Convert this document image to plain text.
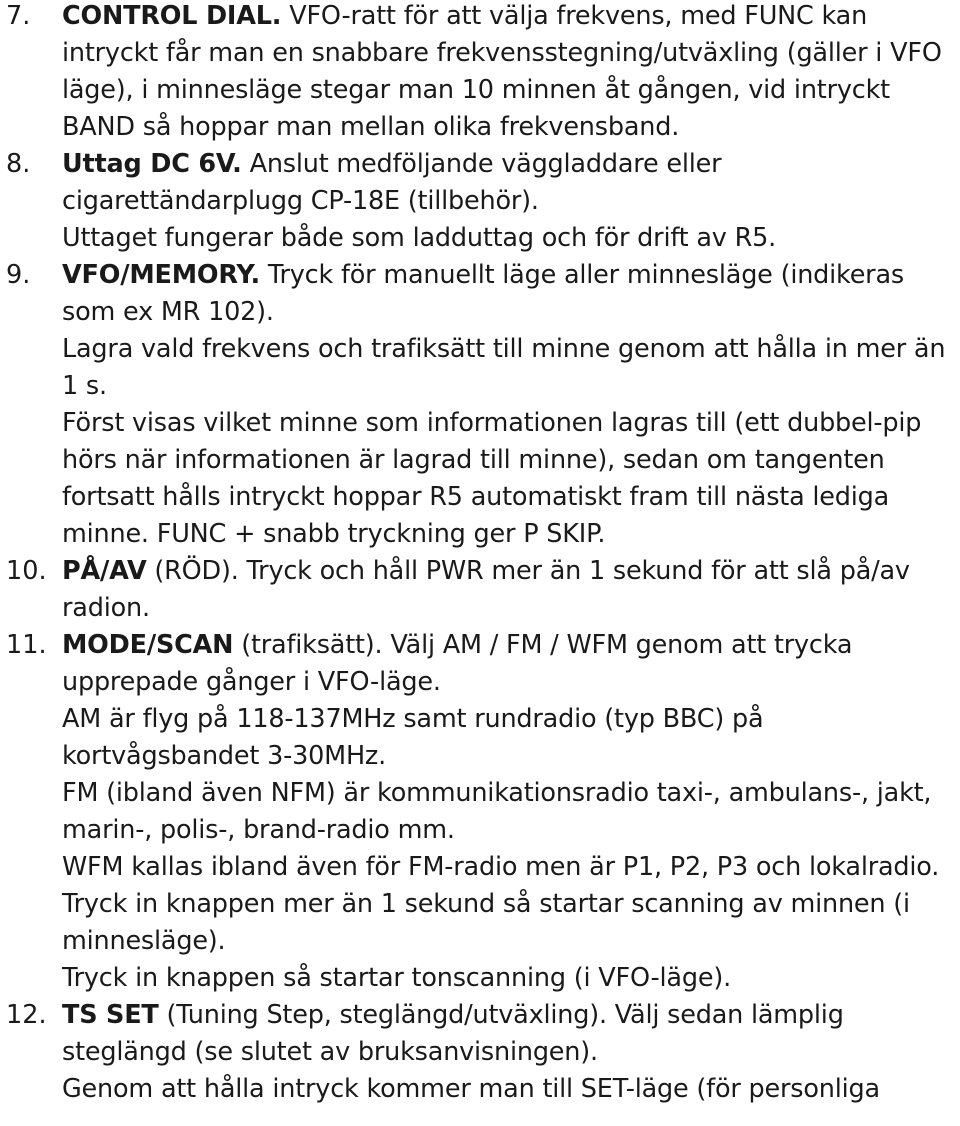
7. CONTROL DIAL. VFO-ratt för att välja frekvens, med FUNC kan
intryckt får man en snabbare frekvensstegning/utväxling (gäller i VFO
läge), i minnesläge stegar man 10 minnen åt gången, vid intryckt
BAND så hoppar man mellan olika frekvensband.
8. Uttag DC 6V. Anslut medföljande väggladdare eller
cigarettändarplugg CP-18E (tillbehör).
Uttaget fungerar både som ladduttag och för drift av R5.
9. VFO/MEMORY. Tryck för manuellt läge aller minnesläge (indikeras
som ex MR 102).
Lagra vald frekvens och trafiksätt till minne genom att hålla in mer än
1 s.
Först visas vilket minne som informationen lagras till (ett dubbel-pip
hörs när informationen är lagrad till minne), sedan om tangenten
fortsatt hålls intryckt hoppar R5 automatiskt fram till nästa lediga
minne. FUNC + snabb tryckning ger P SKIP.
10. PÅ/AV (RÖD). Tryck och håll PWR mer än 1 sekund för att slå på/av
radion.
11. MODE/SCAN (trafiksätt). Välj AM / FM / WFM genom att trycka
upprepade gånger i VFO-läge.
AM är flyg på 118-137MHz samt rundradio (typ BBC) på
kortvågsbandet 3-30MHz.
FM (ibland även NFM) är kommunikationsradio taxi-, ambulans-, jakt,
marin-, polis-, brand-radio mm.
WFM kallas ibland även för FM-radio men är P1, P2, P3 och lokalradio.
Tryck in knappen mer än 1 sekund så startar scanning av minnen (i
minnesläge).
Tryck in knappen så startar tonscanning (i VFO-läge).
12. TS SET (Tuning Step, steglängd/utväxling). Välj sedan lämplig
steglängd (se slutet av bruksanvisningen).
Genom att hålla intryck kommer man till SET-läge (för personliga
